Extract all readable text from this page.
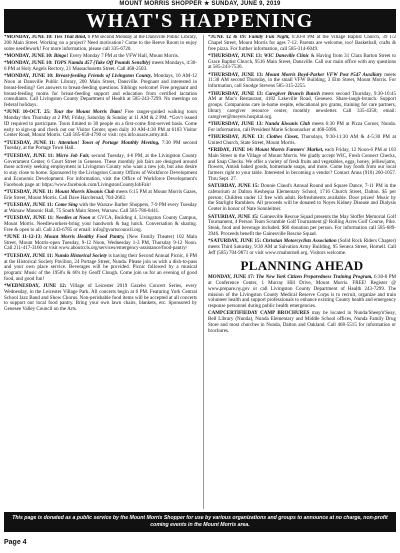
MOUNT MORRIS SHOPPER ★ SUNDAY, JUNE 9, 2019
WHAT'S HAPPENING
*MONDAY, JUNE 10: Ties That Bind, 6 PM second Monday at the Dansville Public Library, 200 Main Street. Working on a project? Need motivation? Come to the Reeve Room to enjoy some needlework! For more information, please call 335-6720.
*MONDAY, JUNE 10: Bingo! Every Monday 7 PM at the VFW Hall, Mount Morris.
*MONDAY, JUNE 10: TOPS Numda 457 (Take Off Pounds Sensibly) meets Mondays, 4:30-6 PM at Holy Angels Rectory, 21 Massachusetts Street. Call 468-2503.
*MONDAY, JUNE 10: Breast-feeding Friends of Livingston County, Mondays, 10 AM-12 Noon at Dansville Public Library, 200 Main Street, Dansville. Pregnant and interested in breast-feeding? Get answers to breast-feeding questions. Siblings welcome! Free pregnant and breast-feeding moms for breast-feeding support and education from certified lactation consultants. Call Livingston County Department of Health at 585-243-7299. No meetings on federal holidays.
*JUNE 10-OCT. 25: Tour the Mount Morris Dam! Free ranger-guided walking tours Monday thru Thursday at 2 PM; Friday, Saturday & Sunday at 11 AM & 2 PM. *Gov't issued ID required to participate. Tours limited to 30 people on a first-come first-served basis. Come early to sign-up and check out our Visitor Center, open daily 10 AM-4:30 PM at 6103 Visitor Center Road, Mount Morris. Call 585-658-4790 or visit: nys.info.usace.army.mil.
*TUESDAY, JUNE 11: Attention! Town of Portage Monthly Meeting, 7:30 PM second Tuesday, at the Portage Town Hall.
*TUESDAY, JUNE 11: Micro Job Fair, second Tuesday, 4-6 PM, at the Livingston County Government Center, 6 Court Street in Geneseo. These monthly job fairs are designed around those actively seeking employment in Livingston County who want a new job, but also desire to stay close to home. Sponsored by the Livingston County Offices of Workforce Development and Economic Development. For information, visit the Office of Workforce Development's Facebook page at: https://www.facebook.com/LivingstonCountyJobFair/
*TUESDAY, JUNE 11: Mount Morris Kiwanis Club meets 6:15 PM at Mount Morris Gazes, Erie Street, Mount Morris. Call Dave Harcleroad, 704-2603.
*TUESDAY, JUNE 11: Come Sing with the Warsaw Barber Shoppers, 7-9 PM every Tuesday at Warsaw Masonic Hall, 75 South Main Street, Warsaw. Call 585-786-8441.
*TUESDAY, JUNE 11: Needles at Noon at GVCA, Building 4, Livingston County Campus, Mount Morris. Needleworkers-bring your handwork & bag lunch. Conversation & sharing. Free & open to all. Call 243-6785 or email: info@gvartscouncil.org.
*JUNE 11-12-13: Mount Morris Healthy Food Pantry, (New Family Theater) 102 Main Street, Mount Morris-open Tuesday, 9-12 Noon, Wednesday 1-3 PM, Thursday 9-12 Noon. Call 211-417-3160 or visit www.aboutccls.org/services/emergency-assistance/food-pantry/
*TUESDAY, JUNE 11: Nunda Historical Society is having their Second Annual Picnic, 6 PM at the Historical Society Pavilion, 24 Portage Street, Nunda. Please join us with a dish-to-pass and your own place service. Beverages will be provided. Picnic followed by a musical program: Music of the 1950's & 60's by Geoff Clough. Come join us for an evening of good food, and good fun!
*WEDNESDAY, JUNE 12: Village of Leicester 2019 Gazebo Concert Series, every Wednesday, in the Leicester Village Park. All concerts begin at 6 PM. Featuring York Central School Jazz Band and Show Chorus. Non-perishable food items will be accepted at all concerts to support our local food pantry. Bring your own lawn chairs, blankets, etc. Sponsored by Genesee Valley Council on the Arts.
*JUNE 12 & 19: Family Fun Night, 6:30-8 PM at the Village Baptist Church, 39 1/2 Chapel Street, Mount Morris for ages 7-12. Parents are welcome, too! Basketball, crafts & free pizza. For further information, call 585-314-6049.
*THURSDAY, JUNE 13: WIC Dansville Clinic & Having from 31 Clara Barton Street to Grace Baptist Church, 9516 Main Street, Dansville. Call our main office with any questions at 585-243-7530.
*THURSDAY, JUNE 13: Mount Morris Boyd-Parker VFW Post #547 Auxiliary meets 11:30 AM second Thursday, in the small VFW Building, 3 Elm Street, Mount Morris. For information, call Snodge Stevens 585-315-2255.
*THURSDAY, JUNE 13: Caregiver Brunch Bunch meets second Thursday, 9:30-10:45 AM at Mac's Restaurant, 4182 Lakeville Road, Geneseo. Share-laugh-brunch. Support groups. Companions care in-home respite, educational pro grams, training for care partners, library caregiver resource center, monthly newsletter. Call 335-4358; email: caregiver@meyers.hospital.org.
*THURSDAY, JUNE 13: Nunda Kiwanis Club meets 6:30 PM at Pizza Corner, Nunda. For information, call President Marie Schoonacker at 468-5096.
*THURSDAY, JUNE 13: Clothes Closet, Thursdays, 9:30-11:30 AM & 4-5:30 PM at United Church, State Street, Mount Morris.
*FRIDAY, JUNE 14: Mount Morris Farmers' Market, each Friday, 12 Noon-6 PM at 103 Main Street in the Village of Mount Morris. We gladly accept WIC, Fresh Connect Checks, and Snap Checks. We offer a variety of fresh fruits and vegetables, eggs, honey, jellies/jams, flowers, Amish baked goods, homemade soaps, and more. Come buy foods from our local farmers right to your table. Interested in becoming a vendor? Contact Anna (910) 260-1057. Thru Sept. 27.
SATURDAY, JUNE 15: Donnie Claud's Annual Round and Square Dance, 7-11 PM in the cafetorium at Dalton Keshequa Elementary School, 1716 Church Street, Dalton. $5 per person; Children under 12 free with adult. Refreshments available. Door prizes! Music by the Starlight Ramblers. All proceeds will be donated to Noyes Kidney Disease and Dialysis Center in honor of Nate Sonnleitner.
SATURDAY, JUNE 15: Gainesville Rescue Squad presents the May Stoffer Memorial Golf Tournament, 4 Person Team Scramble Golf Tournament @ Rolling Acres Golf Course, Pike. Steak, food and beverage included. $60 donation per person. For information call 585-689-3946. Proceeds benefit the Gainesville Rescue Squad.
*SATURDAY, JUNE 15: Christian Motorcyclists Association (Solid Rock Riders Chapter) meets Third Saturday, 9:30 AM at Salvation Army Building, 95 Seneca Street, Hornell. Call Jeff (585) 704-9871 or visit www.cmahornell.org. Visitors welcome.
PLANNING AHEAD
MONDAY, JUNE 17: The New York Citizen Preparedness Training Program, 6:30-8 PM at Conference Center, 1 Murray Hill Drive, Mount Morris. FREE! Register @ www.prepare.ny.gov or call Livingston County Department of Health 243-7299. The mission of the Livingston County Medical Reserve Corps is to recruit, organize and train volunteer health and support professionals to enhance existing County health and emergency response personnel during public health emergencies.
CAMPCERTIFIEDAY CAMP BROCHURES may be located in Nunda/Sheep'n'Seay, Bell Library (Nunda), Nunda Elementary and Middle School offices, Nunda Family Drug Store and most churches in Nunda, Dalton and Oakland. Call 468-5515 for information or brochures.
This page is donated as a public service by the Mount Morris Shopper for use by various organizations and groups to announce at no charge, non-profit coming events in the Mount Morris area.
Page 4
